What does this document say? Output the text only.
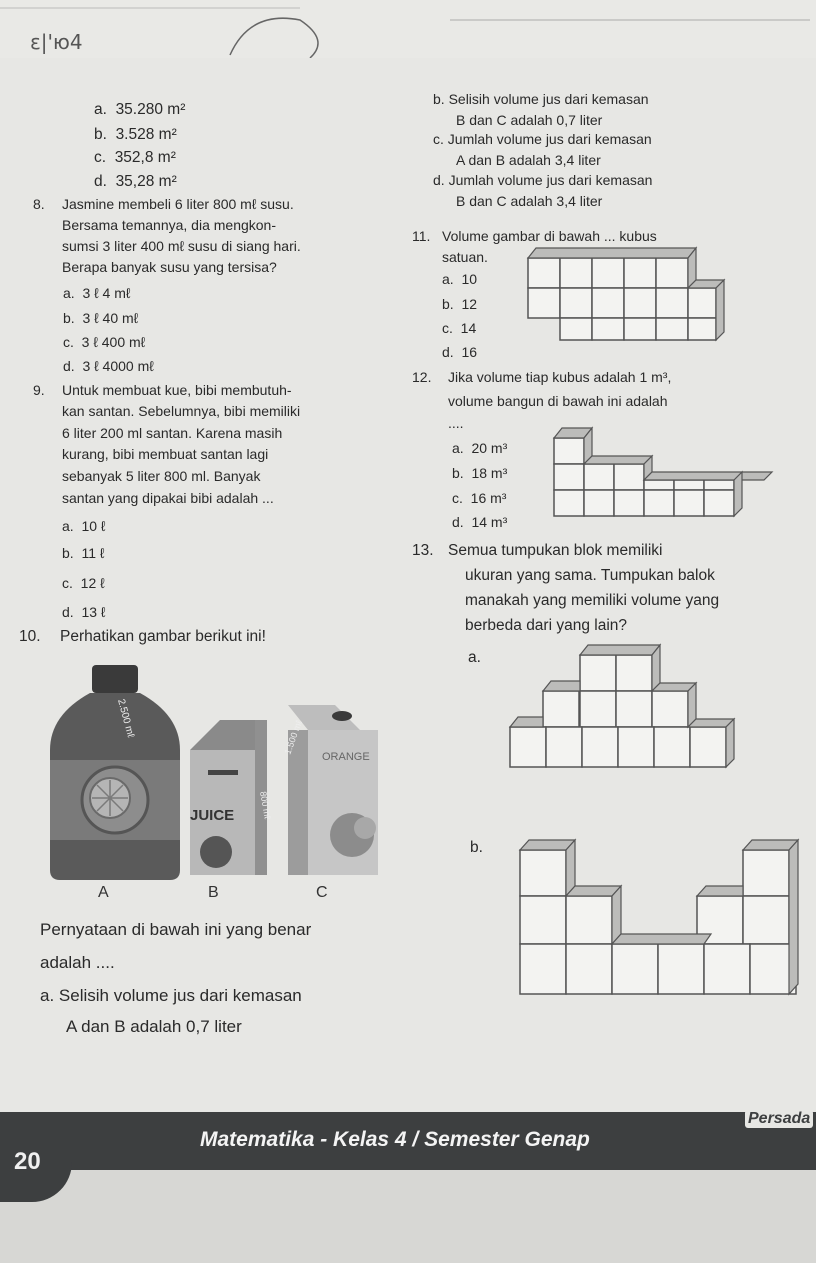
ε|'ю4
a. 35.280 m²
b. 3.528 m²
c. 352,8 m²
d. 35,28 m²
8. Jasmine membeli 6 liter 800 mℓ susu.
Bersama temannya, dia mengkon-
sumsi 3 liter 400 mℓ susu di siang hari.
Berapa banyak susu yang tersisa?
a. 3 ℓ 4 mℓ
b. 3 ℓ 40 mℓ
c. 3 ℓ 400 mℓ
d. 3 ℓ 4000 mℓ
9. Untuk membuat kue, bibi membutuh-
kan santan. Sebelumnya, bibi memiliki
6 liter 200 ml santan. Karena masih
kurang, bibi membuat santan lagi
sebanyak 5 liter 800 ml. Banyak
santan yang dipakai bibi adalah ...
a. 10 ℓ
b. 11 ℓ
c. 12 ℓ
d. 13 ℓ
10. Perhatikan gambar berikut ini!
2.500 mℓ
JUICE	800 mℓ
ORANGE
1.500 mℓ
A	B	C
Pernyataan di bawah ini yang benar
adalah ....
a. Selisih volume jus dari kemasan
A dan B adalah 0,7 liter
b. Selisih volume jus dari kemasan
B dan C adalah 0,7 liter
c. Jumlah volume jus dari kemasan
A dan B adalah 3,4 liter
d. Jumlah volume jus dari kemasan
B dan C adalah 3,4 liter
11. Volume gambar di bawah ... kubus
satuan.
a. 10
b. 12
c. 14
d. 16
12. Jika volume tiap kubus adalah 1 m³,
volume bangun di bawah ini adalah
....
a. 20 m³
b. 18 m³
c. 16 m³
d. 14 m³
13. Semua tumpukan blok memiliki
ukuran yang sama. Tumpukan balok
manakah yang memiliki volume yang
berbeda dari yang lain?
a.
b.
20
Matematika - Kelas 4 / Semester Genap
Persada
